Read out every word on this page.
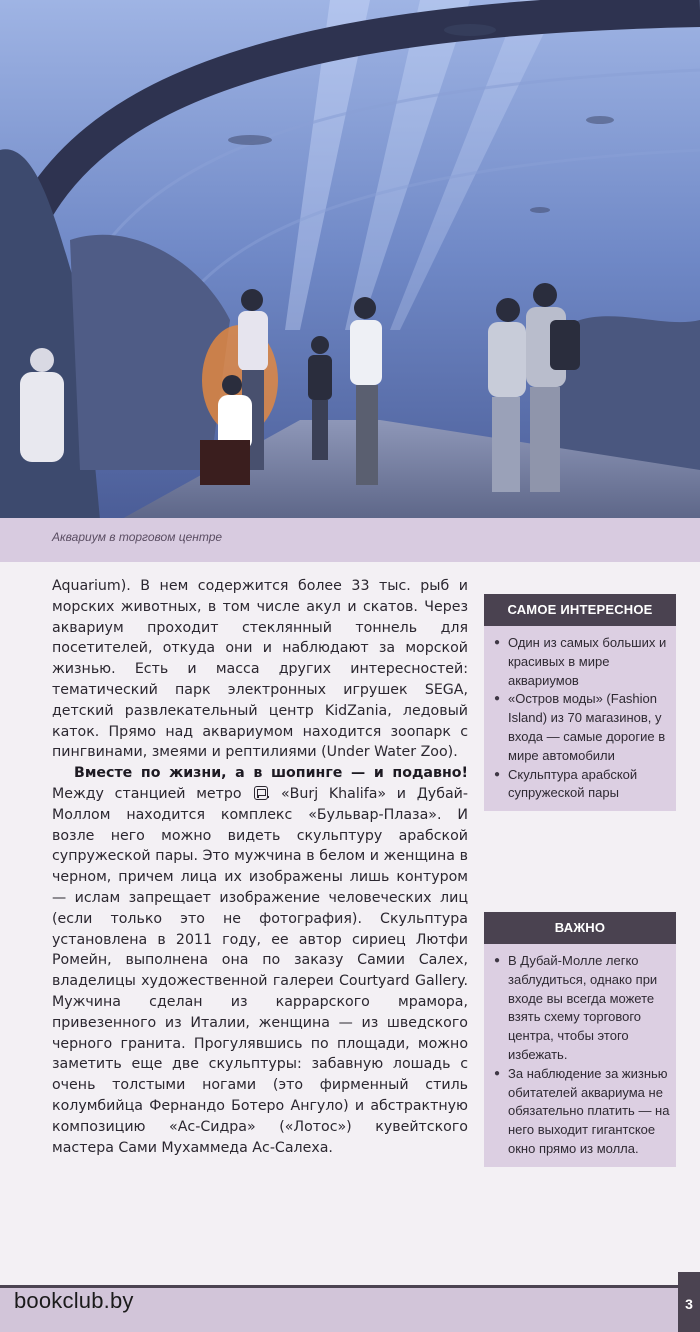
Аквариум в торговом центре

Aquarium). В нем содержится более 33 тыс. рыб и морских животных, в том числе акул и скатов. Через аквариум проходит стеклянный тоннель для посетителей, откуда они и наблюдают за морской жизнью. Есть и масса других интересностей: тематический парк электронных игрушек SEGA, детский развлекательный центр KidZania, ледовый каток. Прямо над аквариумом находится зоопарк с пингвинами, змеями и рептилиями (Under Water Zoo).

Вместе по жизни, а в шопинге — и подавно! Между станцией метро  «Burj Khalifa» и Дубай-Моллом находится комплекс «Бульвар-Плаза». И возле него можно видеть скульптуру арабской супружеской пары. Это мужчина в белом и женщина в черном, причем лица их изображены лишь контуром — ислам запрещает изображение человеческих лиц (если только это не фотография). Скульптура установлена в 2011 году, ее автор сириец Лютфи Ромейн, выполнена она по заказу Самии Салех, владелицы художественной галереи Courtyard Gallery. Мужчина сделан из каррарского мрамора, привезенного из Италии, женщина — из шведского черного гранита. Прогулявшись по площади, можно заметить еще две скульптуры: забавную лошадь с очень толстыми ногами (это фирменный стиль колумбийца Фернандо Ботеро Ангуло) и абстрактную композицию «Ас-Сидра» («Лотос») кувейтского мастера Сами Мухаммеда Ас-Салеха.

САМОЕ ИНТЕРЕСНОЕ
● Один из самых больших и красивых в мире аквариумов
● «Остров моды» (Fashion Island) из 70 магазинов, у входа — самые дорогие в мире автомобили
● Скульптура арабской супружеской пары
ВАЖНО
● В Дубай-Молле легко заблудиться, однако при входе вы всегда можете взять схему торгового центра, чтобы этого избежать.
● За наблюдение за жизнью обитателей аквариума не обязательно платить — на него выходит гигантское окно прямо из молла.
bookclub.by	3
